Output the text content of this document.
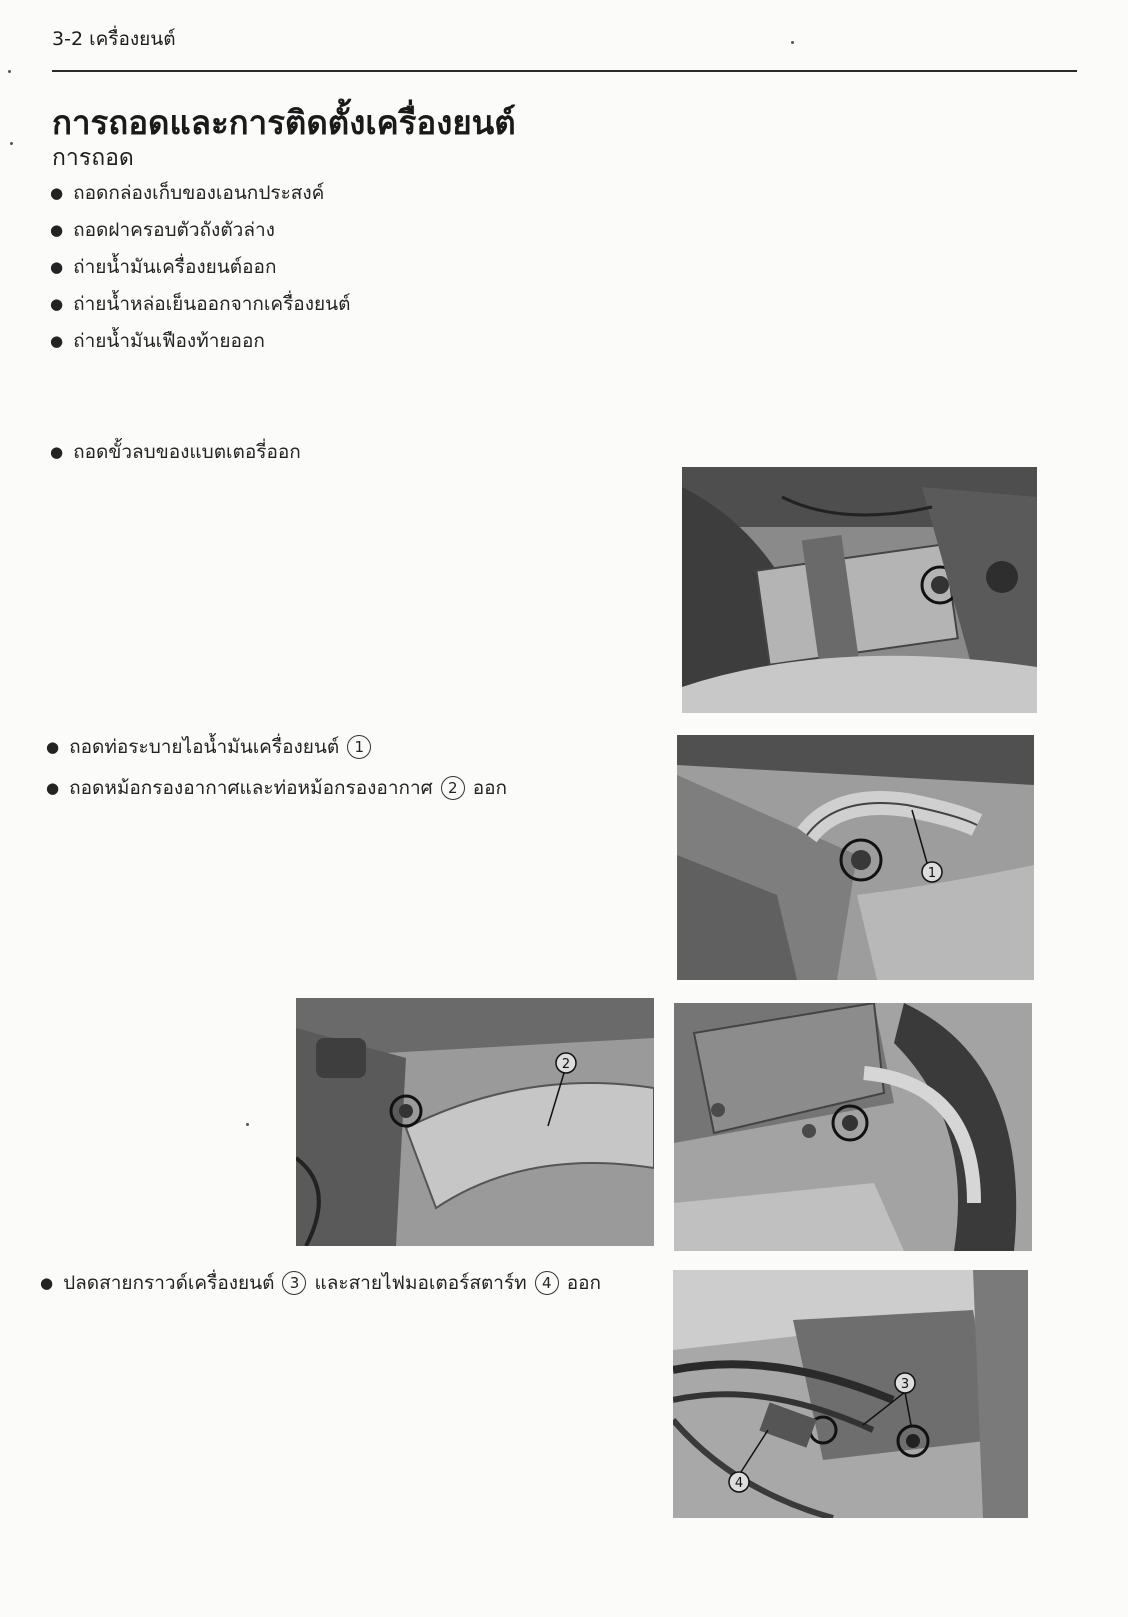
3-2 เครื่องยนต์
การถอดและการติดตั้งเครื่องยนต์
การถอด
● ถอดกล่องเก็บของเอนกประสงค์
● ถอดฝาครอบตัวถังตัวล่าง
● ถ่ายน้ำมันเครื่องยนต์ออก
● ถ่ายน้ำหล่อเย็นออกจากเครื่องยนต์
● ถ่ายน้ำมันเฟืองท้ายออก
● ถอดขั้วลบของแบตเตอรี่ออก
● ถอดท่อระบายไอน้ำมันเครื่องยนต์	1
● ถอดหม้อกรองอากาศและท่อหม้อกรองอากาศ	2 ออก
● ปลดสายกราวด์เครื่องยนต์	3 และสายไฟมอเตอร์สตาร์ท	4 ออก
1
2
3
4
